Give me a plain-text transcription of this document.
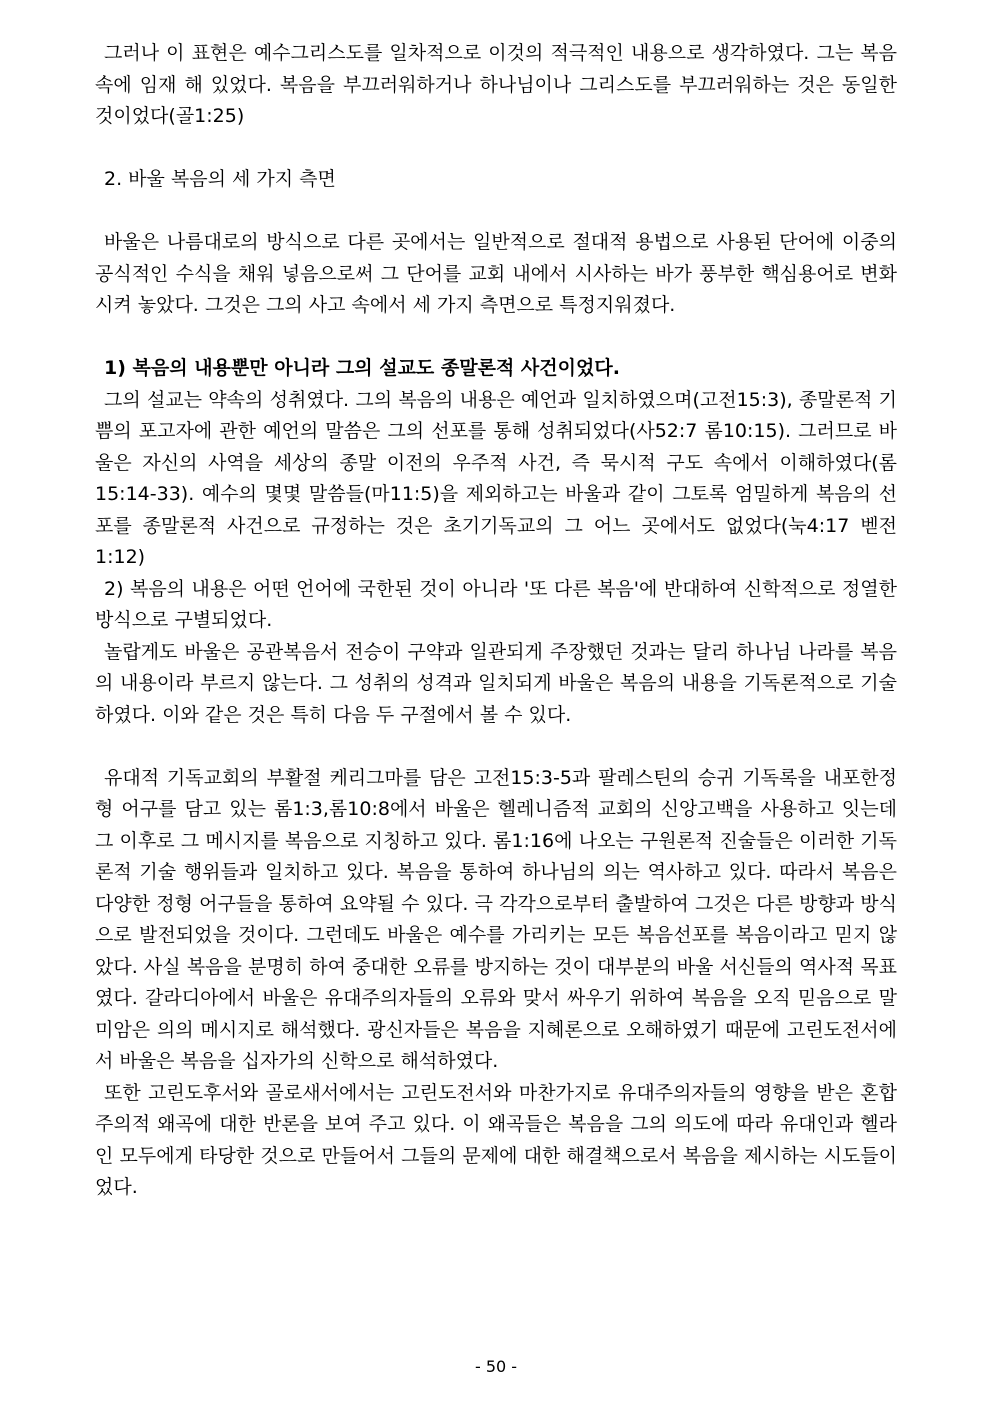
그러나 이 표현은 예수그리스도를 일차적으로 이것의 적극적인 내용으로 생각하였다. 그는 복음 속에 임재 해 있었다. 복음을 부끄러워하거나 하나님이나 그리스도를 부끄러워하는 것은 동일한 것이었다(골1:25)

2. 바울 복음의 세 가지 측면

바울은 나름대로의 방식으로 다른 곳에서는 일반적으로 절대적 용법으로 사용된 단어에 이중의 공식적인 수식을 채워 넣음으로써 그 단어를 교회 내에서 시사하는 바가 풍부한 핵심용어로 변화시켜 놓았다. 그것은 그의 사고 속에서 세 가지 측면으로 특정지워졌다.

1) 복음의 내용뿐만 아니라 그의 설교도 종말론적 사건이었다.

그의 설교는 약속의 성취였다. 그의 복음의 내용은 예언과 일치하였으며(고전15:3), 종말론적 기쁨의 포고자에 관한 예언의 말씀은 그의 선포를 통해 성취되었다(사52:7 롬10:15). 그러므로 바울은 자신의 사역을 세상의 종말 이전의 우주적 사건, 즉 묵시적 구도 속에서 이해하였다(롬15:14-33). 예수의 몇몇 말씀들(마11:5)을 제외하고는 바울과 같이 그토록 엄밀하게 복음의 선포를 종말론적 사건으로 규정하는 것은 초기기독교의 그 어느 곳에서도 없었다(눅4:17 벧전1:12)

2) 복음의 내용은 어떤 언어에 국한된 것이 아니라 '또 다른 복음'에 반대하여 신학적으로 정열한 방식으로 구별되었다.

놀랍게도 바울은 공관복음서 전승이 구약과 일관되게 주장했던 것과는 달리 하나님 나라를 복음의 내용이라 부르지 않는다. 그 성취의 성격과 일치되게 바울은 복음의 내용을 기독론적으로 기술하였다. 이와 같은 것은 특히 다음 두 구절에서 볼 수 있다.

유대적 기독교회의 부활절 케리그마를 담은 고전15:3-5과 팔레스틴의 승귀 기독록을 내포한정형 어구를 담고 있는 롬1:3,롬10:8에서 바울은 헬레니즘적 교회의 신앙고백을 사용하고 잇는데 그 이후로 그 메시지를 복음으로 지칭하고 있다. 롬1:16에 나오는 구원론적 진술들은 이러한 기독론적 기술 행위들과 일치하고 있다. 복음을 통하여 하나님의 의는 역사하고 있다. 따라서 복음은 다양한 정형 어구들을 통하여 요약될 수 있다. 극 각각으로부터 출발하여 그것은 다른 방향과 방식으로 발전되었을 것이다. 그런데도 바울은 예수를 가리키는 모든 복음선포를 복음이라고 믿지 않았다. 사실 복음을 분명히 하여 중대한 오류를 방지하는 것이 대부분의 바울 서신들의 역사적 목표였다. 갈라디아에서 바울은 유대주의자들의 오류와 맞서 싸우기 위하여 복음을 오직 믿음으로 말미암은 의의 메시지로 해석했다. 광신자들은 복음을 지혜론으로 오해하였기 때문에 고린도전서에서 바울은 복음을 십자가의 신학으로 해석하였다.

또한 고린도후서와 골로새서에서는 고린도전서와 마찬가지로 유대주의자들의 영향을 받은 혼합주의적 왜곡에 대한 반론을 보여 주고 있다. 이 왜곡들은 복음을 그의 의도에 따라 유대인과 헬라인 모두에게 타당한 것으로 만들어서 그들의 문제에 대한 해결책으로서 복음을 제시하는 시도들이었다.

- 50 -
